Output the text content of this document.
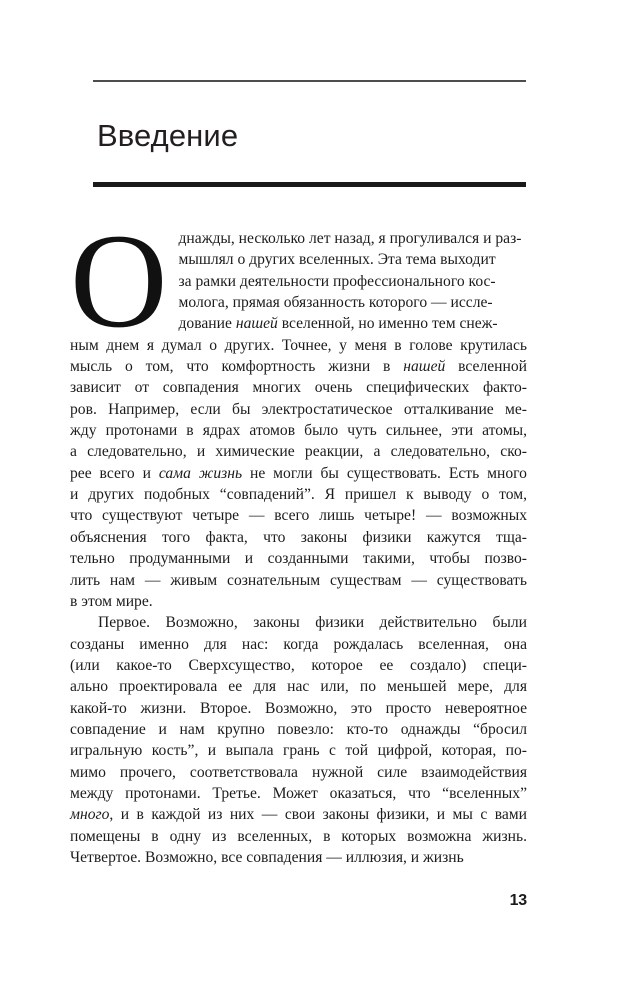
Введение

О днажды, несколько лет назад, я прогуливался и раз-
мышлял о других вселенных. Эта тема выходит
за рамки деятельности профессионального кос-
молога, прямая обязанность которого — иссле-
дование нашей вселенной, но именно тем снеж-
ным днем я думал о других. Точнее, у меня в голове крутилась
мысль о том, что комфортность жизни в нашей вселенной
зависит от совпадения многих очень специфических факто-
ров. Например, если бы электростатическое отталкивание ме-
жду протонами в ядрах атомов было чуть сильнее, эти атомы,
а следовательно, и химические реакции, а следовательно, ско-
рее всего и сама жизнь не могли бы существовать. Есть много
и других подобных “совпадений”. Я пришел к выводу о том,
что существуют четыре — всего лишь четыре! — возможных
объяснения того факта, что законы физики кажутся тща-
тельно продуманными и созданными такими, чтобы позво-
лить нам — живым сознательным существам — существовать
в этом мире.

Первое. Возможно, законы физики действительно были
созданы именно для нас: когда рождалась вселенная, она
(или какое-то Сверхсущество, которое ее создало) специ-
ально проектировала ее для нас или, по меньшей мере, для
какой-то жизни. Второе. Возможно, это просто невероятное
совпадение и нам крупно повезло: кто-то однажды “бросил
игральную кость”, и выпала грань с той цифрой, которая, по-
мимо прочего, соответствовала нужной силе взаимодействия
между протонами. Третье. Может оказаться, что “вселенных”
много, и в каждой из них — свои законы физики, и мы с вами
помещены в одну из вселенных, в которых возможна жизнь.
Четвертое. Возможно, все совпадения — иллюзия, и жизнь

13
